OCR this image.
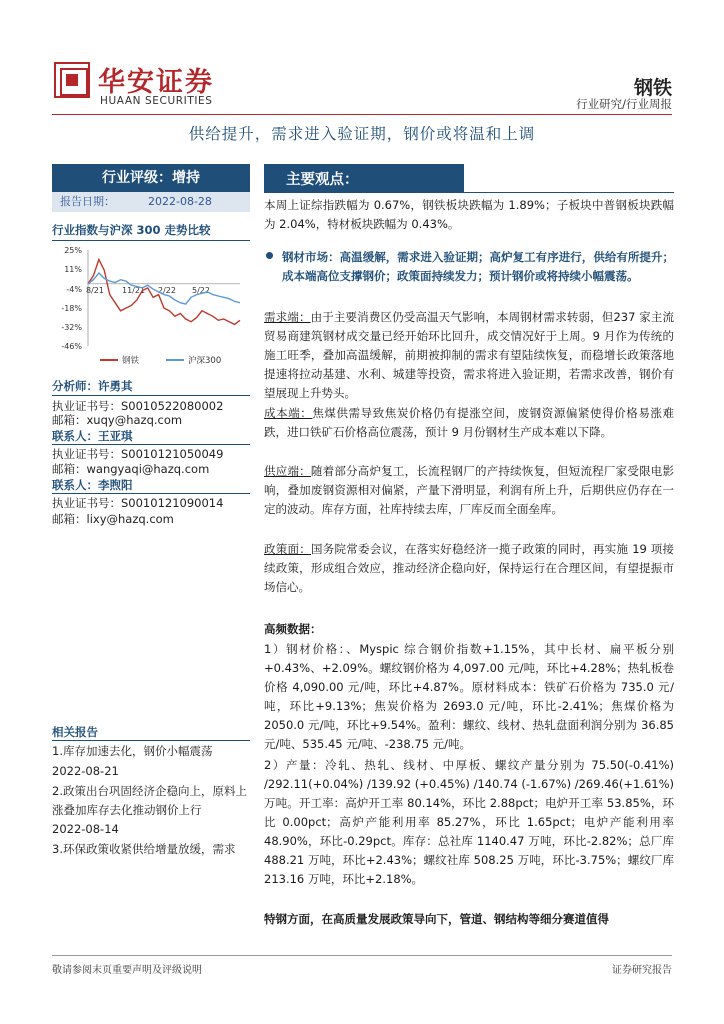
华安证券
HUAAN SECURITIES
钢铁
行业研究/行业周报
供给提升，需求进入验证期，钢价或将温和上调
行业评级：增持
报告日期：	2022-08-28
行业指数与沪深 300 走势比较
25%
11%
-4%
-18%
-32%
-46%
8/21 11/21 2/22 5/22
钢铁	沪深300
分析师：许勇其
执业证书号：S0010522080002
邮箱：xuqy@hazq.com
联系人：王亚琪
执业证书号：S0010121050049
邮箱：wangyaqi@hazq.com
联系人：李煦阳
执业证书号：S0010121090014
邮箱：lixy@hazq.com
相关报告
1.库存加速去化，钢价小幅震荡
2022-08-21
2.政策出台巩固经济企稳向上，原料上涨叠加库存去化推动钢价上行
2022-08-14
3.环保政策收紧供给增量放缓，需求
主要观点：
本周上证综指跌幅为 0.67%，钢铁板块跌幅为 1.89%；子板块中普钢板块跌幅为 2.04%，特材板块跌幅为 0.43%。
钢材市场：高温缓解，需求进入验证期；高炉复工有序进行，供给有所提升；成本端高位支撑钢价；政策面持续发力；预计钢价或将持续小幅震荡。
需求端：由于主要消费区仍受高温天气影响，本周钢材需求转弱，但237 家主流贸易商建筑钢材成交量已经开始环比回升，成交情况好于上周。9 月作为传统的施工旺季，叠加高温缓解，前期被抑制的需求有望陆续恢复，而稳增长政策落地提速将拉动基建、水利、城建等投资，需求将进入验证期，若需求改善，钢价有望展现上升势头。
成本端：焦煤供需导致焦炭价格仍有提涨空间，废钢资源偏紧使得价格易涨难跌，进口铁矿石价格高位震荡，预计 9 月份钢材生产成本难以下降。
供应端：随着部分高炉复工，长流程钢厂的产持续恢复，但短流程厂家受限电影响，叠加废钢资源相对偏紧，产量下滑明显，利润有所上升，后期供应仍存在一定的波动。库存方面，社库持续去库，厂库反而全面垒库。
政策面：国务院常委会议，在落实好稳经济一揽子政策的同时，再实施 19 项接续政策，形成组合效应，推动经济企稳向好，保持运行在合理区间，有望提振市场信心。
高频数据：
1）钢材价格：、Myspic 综合钢价指数+1.15%，其中长材、扁平板分别+0.43%、+2.09%。螺纹钢价格为 4,097.00 元/吨，环比+4.28%；热轧板卷价格 4,090.00 元/吨，环比+4.87%。原材料成本：铁矿石价格为 735.0 元/吨，环比+9.13%；焦炭价格为 2693.0 元/吨，环比-2.41%；焦煤价格为 2050.0 元/吨，环比+9.54%。盈利：螺纹、线材、热轧盘面利润分别为 36.85 元/吨、535.45 元/吨、-238.75 元/吨。
2）产量：冷轧、热轧、线材、中厚板、螺纹产量分别为 75.50(-0.41%) /292.11(+0.04%) /139.92 (+0.45%) /140.74 (-1.67%) /269.46(+1.61%)万吨。开工率：高炉开工率 80.14%，环比 2.88pct；电炉开工率 53.85%，环比 0.00pct；高炉产能利用率 85.27%，环比 1.65pct；电炉产能利用率 48.90%，环比-0.29pct。库存：总社库 1140.47 万吨，环比-2.82%；总厂库 488.21 万吨，环比+2.43%；螺纹社库 508.25 万吨，环比-3.75%；螺纹厂库 213.16 万吨，环比+2.18%。
特钢方面，在高质量发展政策导向下，管道、钢结构等细分赛道值得
敬请参阅末页重要声明及评级说明	证券研究报告
